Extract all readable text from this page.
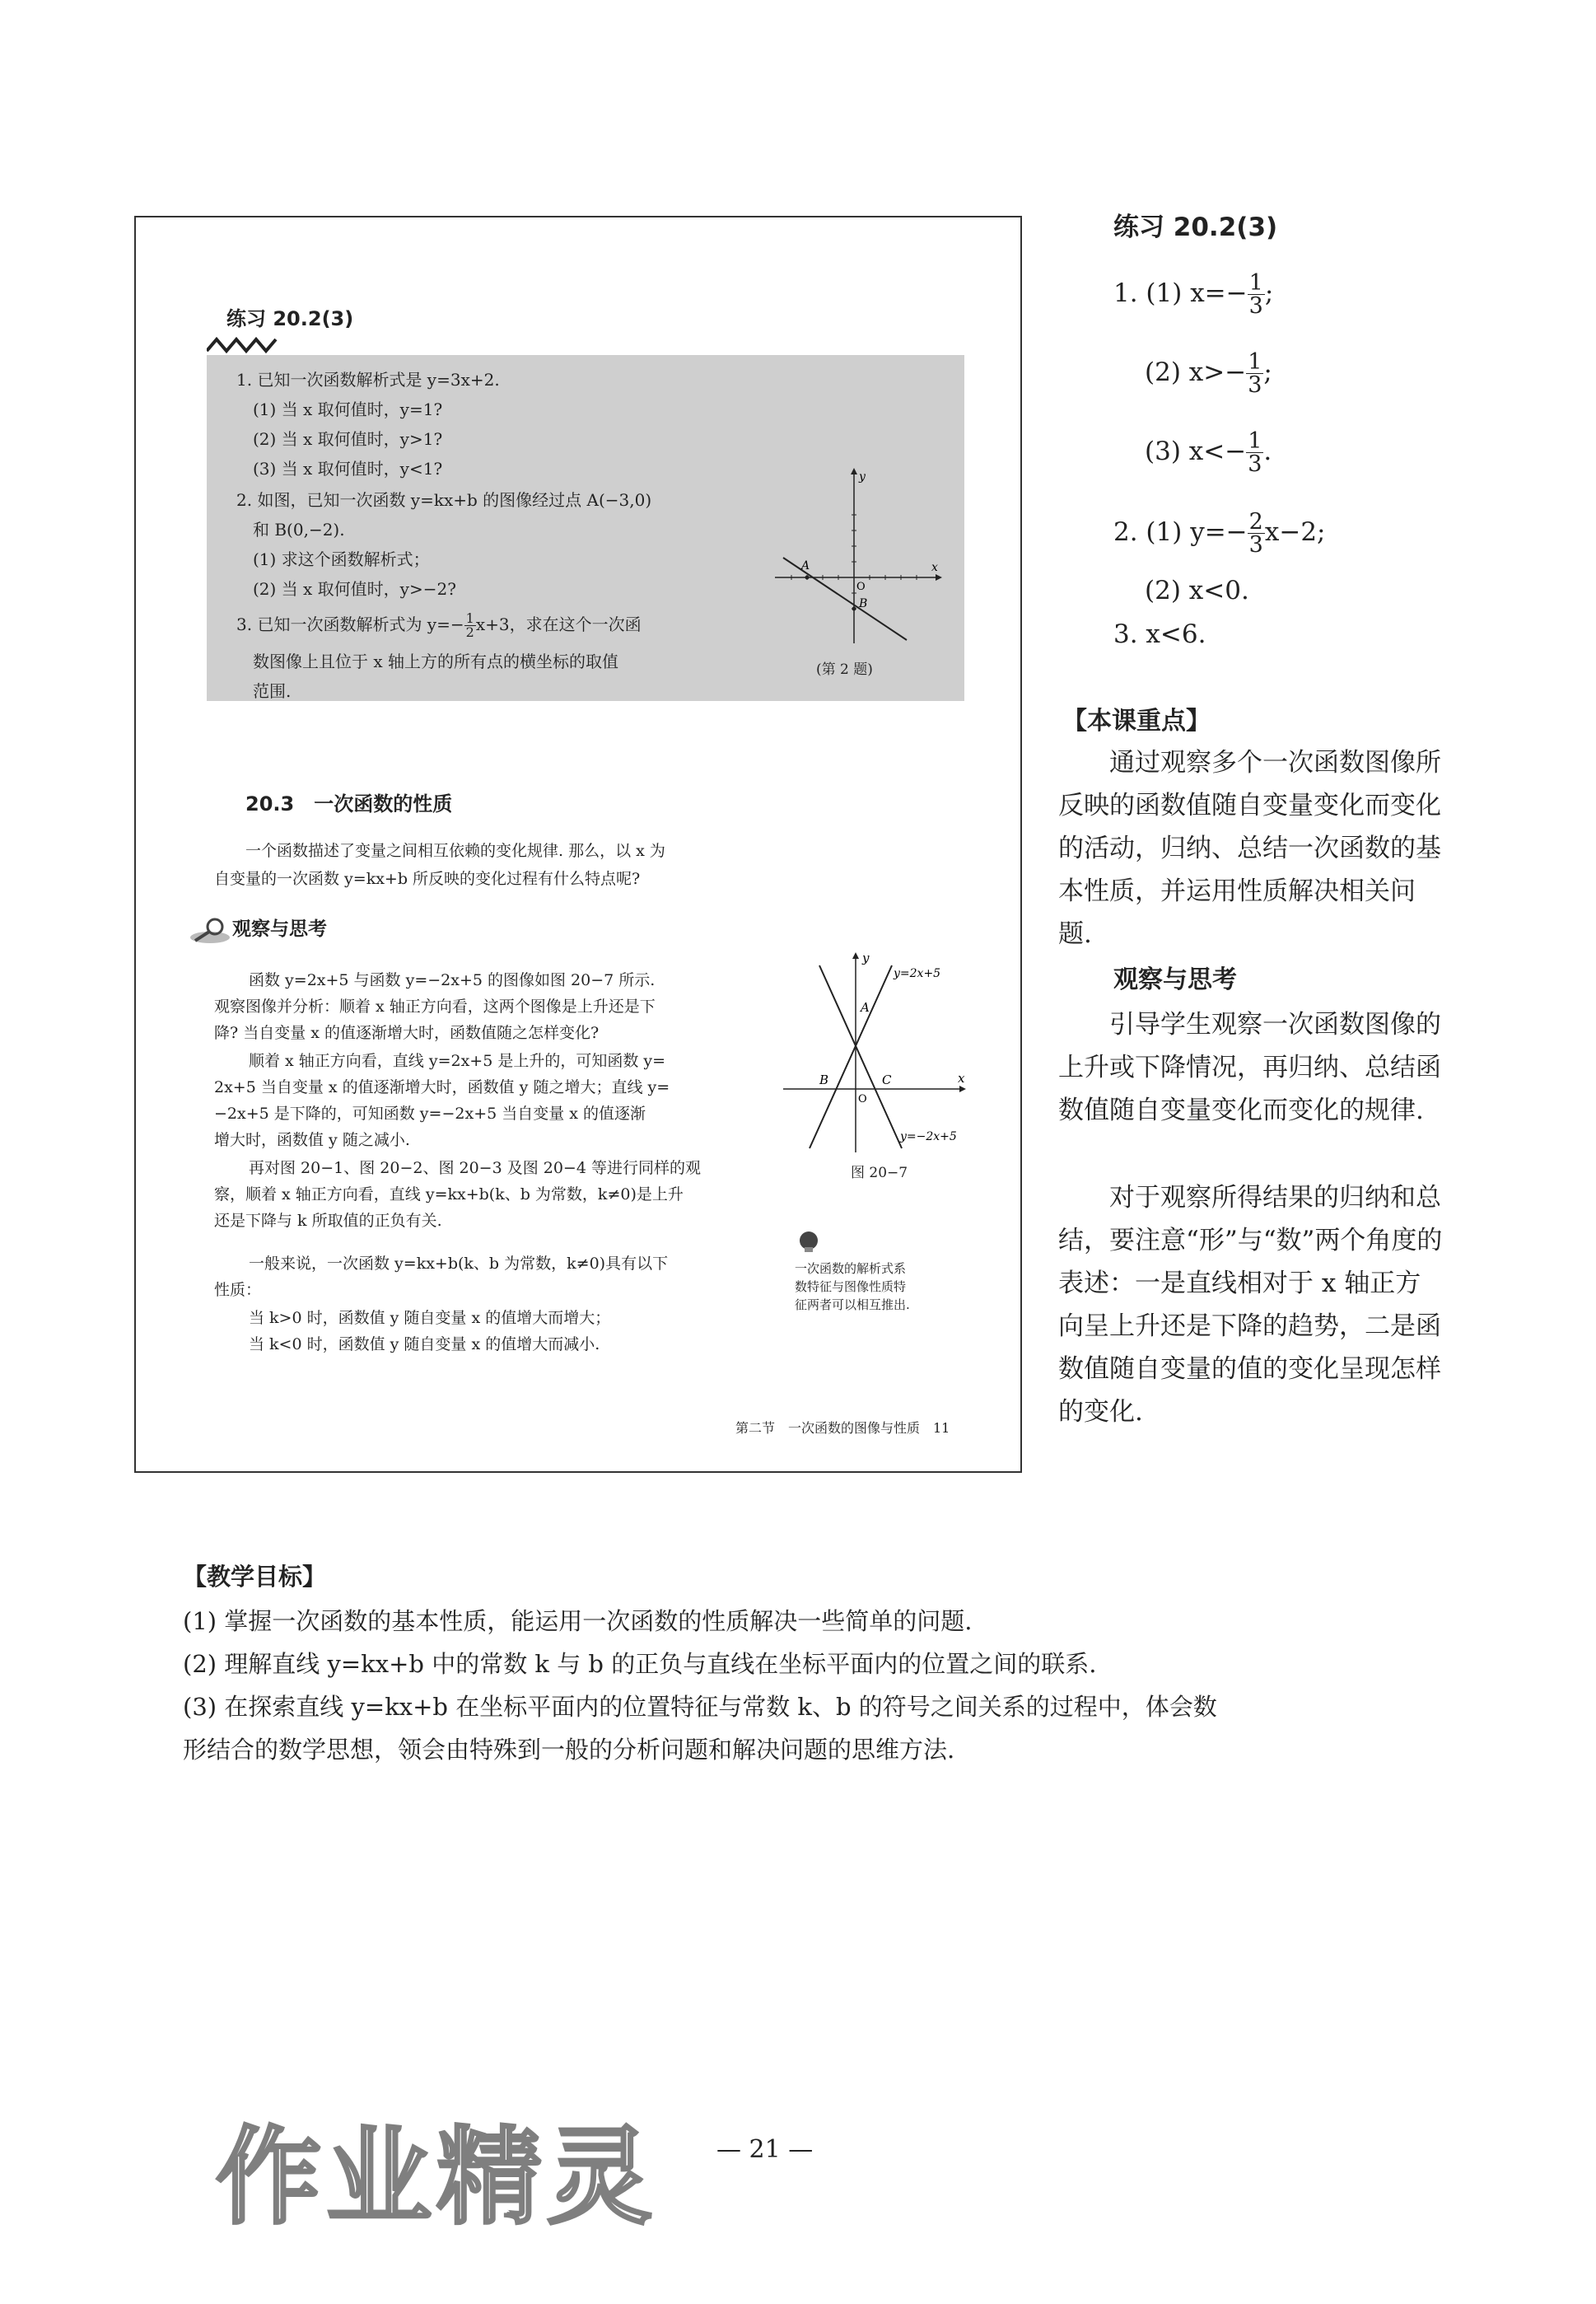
练习 20.2(3)
1. 已知一次函数解析式是 y=3x+2.
(1) 当 x 取何值时，y=1?
(2) 当 x 取何值时，y>1?
(3) 当 x 取何值时，y<1?
2. 如图，已知一次函数 y=kx+b 的图像经过点 A(−3,0)
和 B(0,−2).
(1) 求这个函数解析式；
(2) 当 x 取何值时，y>−2?
3. 已知一次函数解析式为 $y=- \frac{1}{2} x+3$，求在这个一次函
数图像上且位于 x 轴上方的所有点的横坐标的取值
范围.
y
x
A
B
O
(第 2 题)
20.3　一次函数的性质
一个函数描述了变量之间相互依赖的变化规律. 那么，以 x 为
自变量的一次函数 y=kx+b 所反映的变化过程有什么特点呢?
观察与思考
函数 y=2x+5 与函数 y=−2x+5 的图像如图 20−7 所示.
观察图像并分析：顺着 x 轴正方向看，这两个图像是上升还是下
降? 当自变量 x 的值逐渐增大时，函数值随之怎样变化?
顺着 x 轴正方向看，直线 y=2x+5 是上升的，可知函数 y=
2x+5 当自变量 x 的值逐渐增大时，函数值 y 随之增大；直线 y=
−2x+5 是下降的，可知函数 y=−2x+5 当自变量 x 的值逐渐
增大时，函数值 y 随之减小.
再对图 20−1、图 20−2、图 20−3 及图 20−4 等进行同样的观
察，顺着 x 轴正方向看，直线 y=kx+b(k、b 为常数，k≠0)是上升
还是下降与 k 所取值的正负有关.
一般来说，一次函数 y=kx+b(k、b 为常数，k≠0)具有以下
性质：
当 k>0 时，函数值 y 随自变量 x 的值增大而增大；
当 k<0 时，函数值 y 随自变量 x 的值增大而减小.
y
x
y=2x+5
y=−2x+5
A
B	C
O
图 20−7
一次函数的解析式系
数特征与图像性质特
征两者可以相互推出.
第二节　一次函数的图像与性质　11
练习 20.2(3)
1. (1) $x=- \frac{1}{3}$ ;
(2) $x>- \frac{1}{3}$ ;
(3) $x<- \frac{1}{3}$ .
2. (1) $y=- \frac{2}{3} x-2$;
(2) x<0.
3. x<6.
【本课重点】
通过观察多个一次函数图像所反映的函数值随自变量变化而变化的活动，归纳、总结一次函数的基本性质，并运用性质解决相关问题.
观察与思考
引导学生观察一次函数图像的上升或下降情况，再归纳、总结函数值随自变量变化而变化的规律.
对于观察所得结果的归纳和总结，要注意“形”与“数”两个角度的表述：一是直线相对于 x 轴正方向呈上升还是下降的趋势，二是函数值随自变量的值的变化呈现怎样的变化.
【教学目标】
(1) 掌握一次函数的基本性质，能运用一次函数的性质解决一些简单的问题.
(2) 理解直线 y=kx+b 中的常数 k 与 b 的正负与直线在坐标平面内的位置之间的联系.
(3) 在探索直线 y=kx+b 在坐标平面内的位置特征与常数 k、b 的符号之间关系的过程中，体会数
形结合的数学思想，领会由特殊到一般的分析问题和解决问题的思维方法.
— 21 —
作业精灵
